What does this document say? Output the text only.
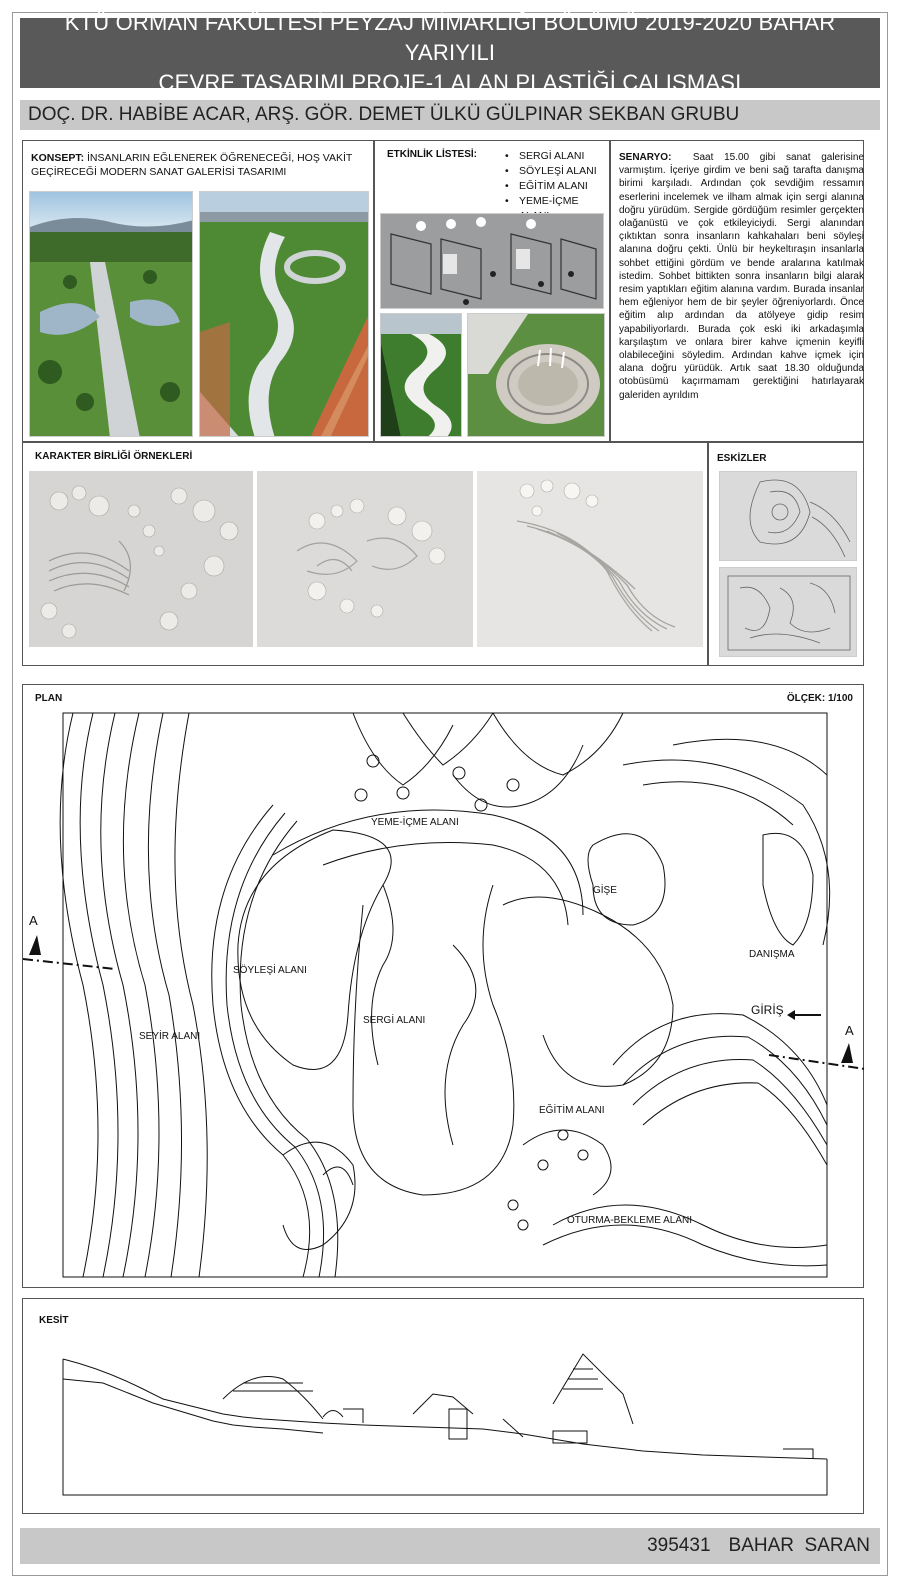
KTÜ ORMAN FAKÜLTESİ PEYZAJ MİMARLIĞI BÖLÜMÜ 2019-2020 BAHAR YARIYILI
ÇEVRE TASARIMI PROJE-1 ALAN PLASTİĞİ ÇALIŞMASI
DOÇ. DR. HABİBE ACAR, ARŞ. GÖR. DEMET ÜLKÜ GÜLPINAR SEKBAN GRUBU
KONSEPT: İNSANLARIN EĞLENEREK ÖĞRENECEĞİ, HOŞ VAKİT GEÇİRECEĞİ MODERN SANAT GALERİSİ TASARIMI
ETKİNLİK LİSTESİ:
•	SERGİ ALANI
• SÖYLEŞİ ALANI
• EĞİTİM ALANI
• YEME-İÇME
SENARYO: Saat 15.00 gibi sanat galerisine varmıştım. İçeriye girdim ve beni sağ tarafta danışma birimi karşıladı. Ardından çok sevdiğim ressamın eserlerini incelemek ve ilham almak için sergi alanına doğru yürüdüm. Sergide gördüğüm resimler gerçekten olağanüstü ve çok etkileyiciydi. Sergi alanından çıktıktan sonra insanların kahkahaları beni söyleşi alanına doğru çekti. Ünlü bir heykeltıraşın insanlarla sohbet ettiğini gördüm ve bende aralarına katılmak istedim. Sohbet bittikten sonra insanların bilgi alarak resim yaptıkları eğitim alanına vardım. Burada insanlar hem eğleniyor hem de bir şeyler öğreniyorlardı. Önce eğitim alıp ardından da atölyeye gidip resim yapabiliyorlardı. Burada çok eski iki arkadaşımla karşılaştım ve onlara birer kahve içmenin keyifli olabileceğini söyledim. Ardından kahve içmek için alana doğru yürüdük. Artık saat 18.30 olduğunda otobüsümü kaçırmamam gerektiğini hatırlayarak galeriden ayrıldım
KARAKTER BİRLİĞİ ÖRNEKLERİ	ESKİZLER
PLAN	ÖLÇEK: 1/100
A
A
YEME-İÇME ALANI
GİŞE
DANIŞMA
GİRİŞ
SÖYLEŞİ ALANI
SERGİ ALANI
SEYİR ALANI
EĞİTİM ALANI
OTURMA-BEKLEME ALANI
KESİT
395431 BAHAR  SARAN
